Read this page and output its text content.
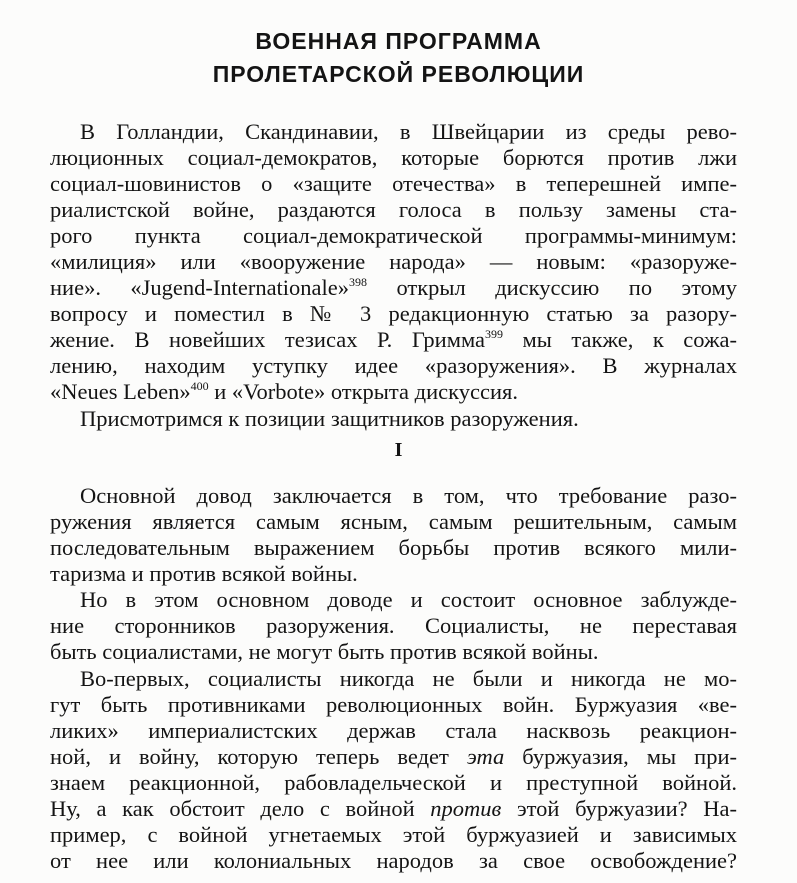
ВОЕННАЯ ПРОГРАММА
ПРОЛЕТАРСКОЙ РЕВОЛЮЦИИ
В Голландии, Скандинавии, в Швейцарии из среды рево-
люционных социал-демократов, которые борются против лжи
социал-шовинистов о «защите отечества» в теперешней импе-
риалистской войне, раздаются голоса в пользу замены ста-
рого пункта социал-демократической программы-минимум:
«милиция» или «вооружение народа» — новым: «разоруже-
ние». «Jugend-Internationale»$^{398}$ открыл дискуссию по этому
вопросу и поместил в № 3 редакционную статью за разору-
жение. В новейших тезисах Р. Гримма$^{399}$ мы также, к сожа-
лению, находим уступку идее «разоружения». В журналах
«Neues Leben»$^{400}$ и «Vorbote» открыта дискуссия.
Присмотримся к позиции защитников разоружения.
I
Основной довод заключается в том, что требование разо-
ружения является самым ясным, самым решительным, самым
последовательным выражением борьбы против всякого мили-
таризма и против всякой войны.
Но в этом основном доводе и состоит основное заблужде-
ние сторонников разоружения. Социалисты, не переставая
быть социалистами, не могут быть против всякой войны.
Во-первых, социалисты никогда не были и никогда не мо-
гут быть противниками революционных войн. Буржуазия «ве-
ликих» империалистских держав стала насквозь реакцион-
ной, и войну, которую теперь ведет эта буржуазия, мы при-
знаем реакционной, рабовладельческой и преступной войной.
Ну, а как обстоит дело с войной против этой буржуазии? На-
пример, с войной угнетаемых этой буржуазией и зависимых
от нее или колониальных народов за свое освобождение?
